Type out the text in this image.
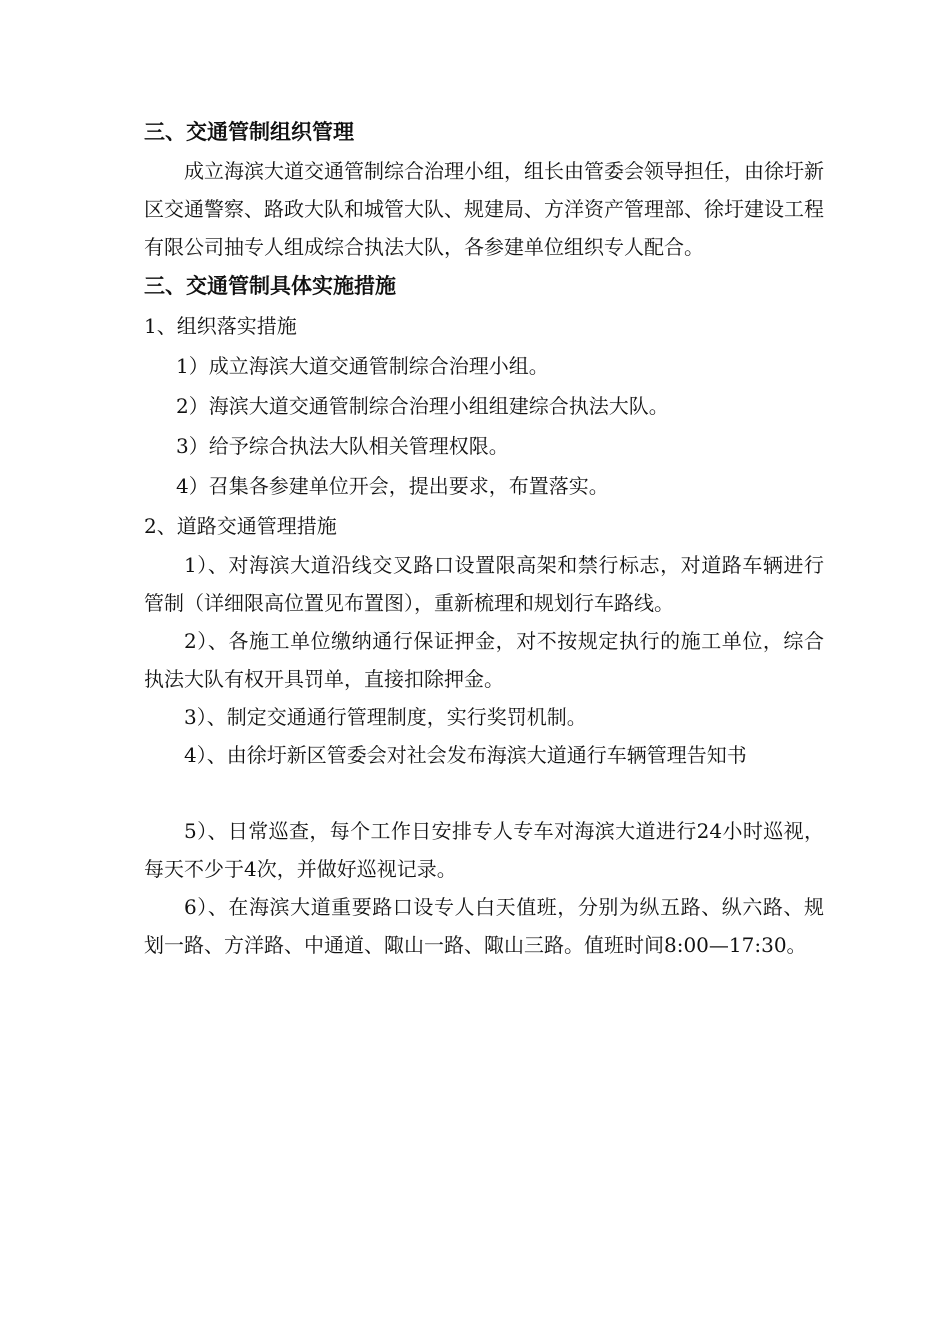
三、交通管制组织管理

成立海滨大道交通管制综合治理小组，组长由管委会领导担任，由徐圩新区交通警察、路政大队和城管大队、规建局、方洋资产管理部、徐圩建设工程有限公司抽专人组成综合执法大队，各参建单位组织专人配合。

三、交通管制具体实施措施

1、组织落实措施

1）成立海滨大道交通管制综合治理小组。

2）海滨大道交通管制综合治理小组组建综合执法大队。

3）给予综合执法大队相关管理权限。

4）召集各参建单位开会，提出要求，布置落实。

2、道路交通管理措施

1）、对海滨大道沿线交叉路口设置限高架和禁行标志，对道路车辆进行管制（详细限高位置见布置图），重新梳理和规划行车路线。

2）、各施工单位缴纳通行保证押金，对不按规定执行的施工单位，综合执法大队有权开具罚单，直接扣除押金。

3）、制定交通通行管理制度，实行奖罚机制。

4）、由徐圩新区管委会对社会发布海滨大道通行车辆管理告知书

5）、日常巡查，每个工作日安排专人专车对海滨大道进行24小时巡视，每天不少于4次，并做好巡视记录。

6）、在海滨大道重要路口设专人白天值班，分别为纵五路、纵六路、规划一路、方洋路、中通道、陬山一路、陬山三路。值班时间8:00—17:30。
